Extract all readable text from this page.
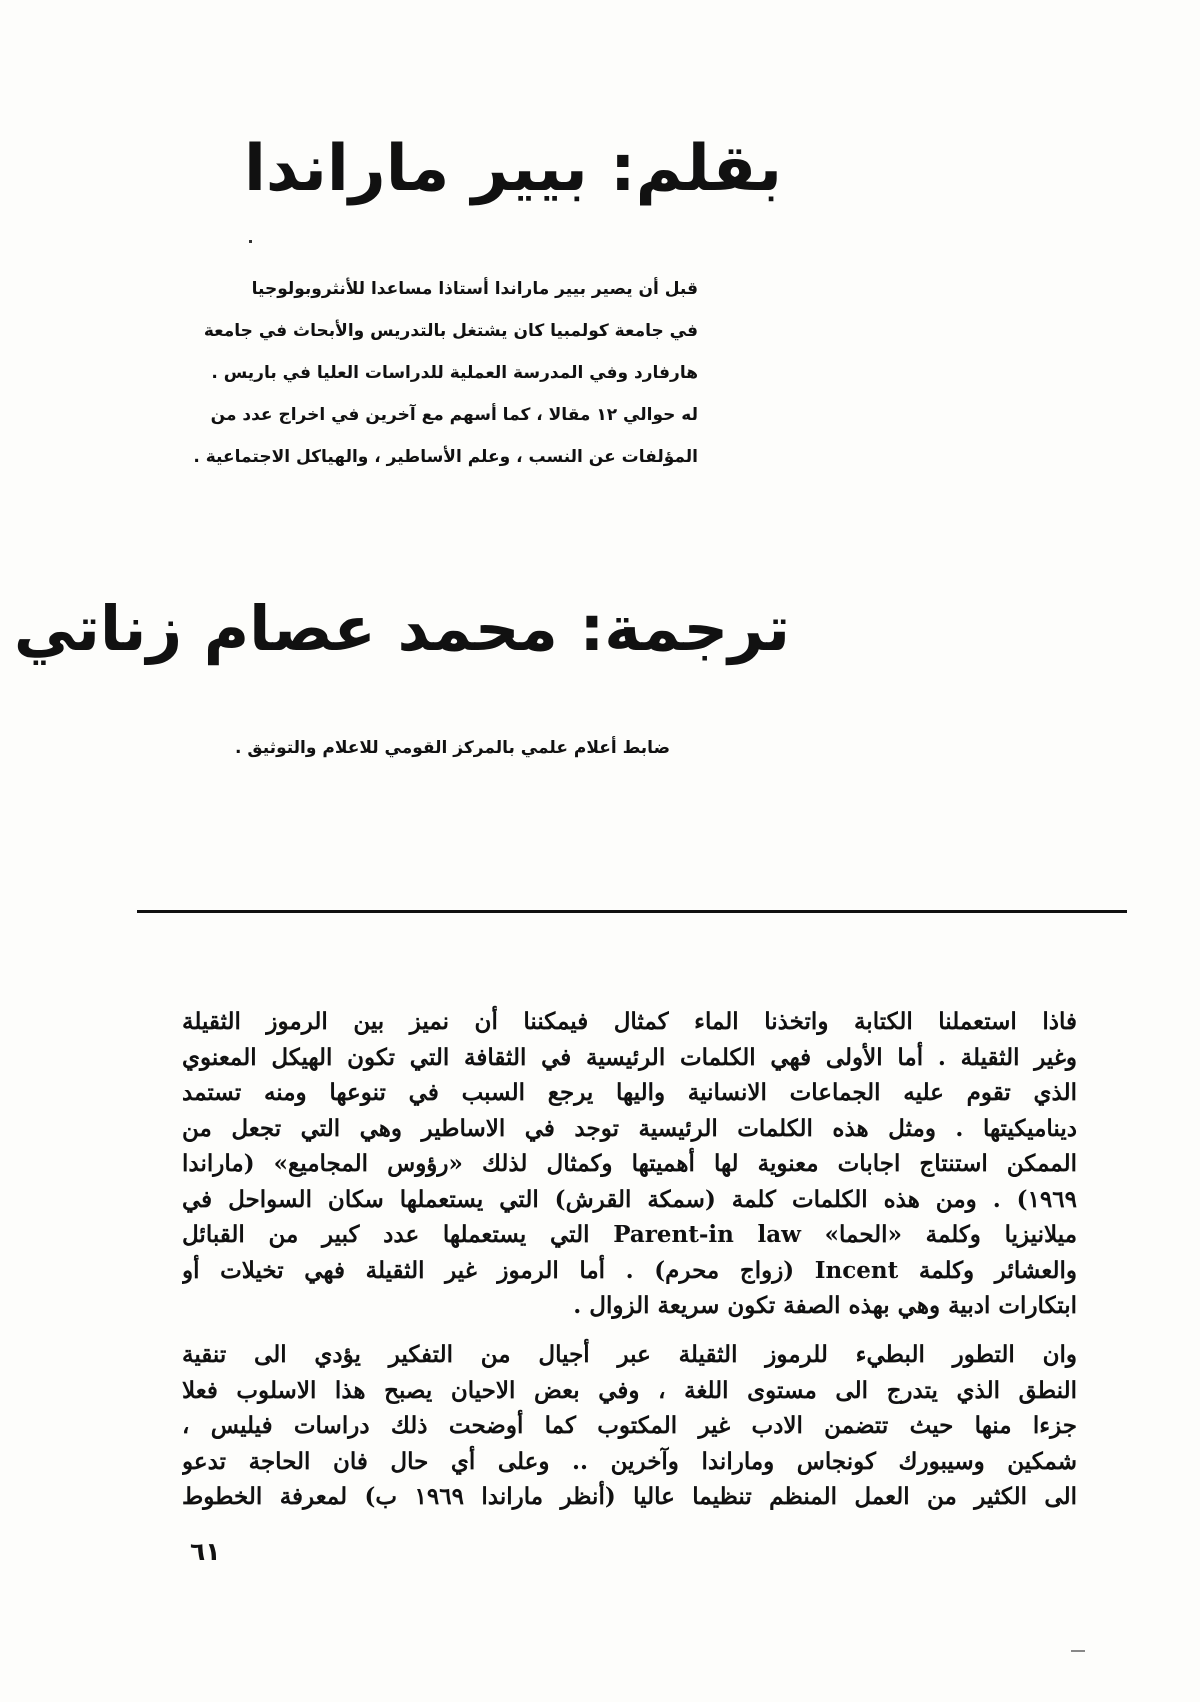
بقلم: بيير ماراندا
قبل أن يصير بيير ماراندا أستاذا مساعدا للأنثروبولوجيا
في جامعة كولمبيا كان يشتغل بالتدريس والأبحاث في جامعة
هارفارد وفي المدرسة العملية للدراسات العليا في باريس .
له حوالي ١٢ مقالا ، كما أسهم مع آخرين في اخراج عدد من
المؤلفات عن النسب ، وعلم الأساطير ، والهياكل الاجتماعية .
ترجمة: محمد عصام زناتي
ضابط أعلام علمي بالمركز القومي للاعلام والتوثيق .
فاذا استعملنا الكتابة واتخذنا الماء كمثال فيمكننا أن نميز بين الرموز الثقيلة
وغير الثقيلة . أما الأولى فهي الكلمات الرئيسية في الثقافة التي تكون الهيكل المعنوي
الذي تقوم عليه الجماعات الانسانية واليها يرجع السبب في تنوعها ومنه تستمد
ديناميكيتها . ومثل هذه الكلمات الرئيسية توجد في الاساطير وهي التي تجعل من
الممكن استنتاج اجابات معنوية لها أهميتها وكمثال لذلك «رؤوس المجاميع» (ماراندا
١٩٦٩) . ومن هذه الكلمات كلمة (سمكة القرش) التي يستعملها سكان السواحل في
ميلانيزيا وكلمة «الحما» Parent-in law التي يستعملها عدد كبير من القبائل
والعشائر وكلمة Incent (زواج محرم) . أما الرموز غير الثقيلة فهي تخيلات أو
ابتكارات ادبية وهي بهذه الصفة تكون سريعة الزوال .
وان التطور البطيء للرموز الثقيلة عبر أجيال من التفكير يؤدي الى تنقية
النطق الذي يتدرج الى مستوى اللغة ، وفي بعض الاحيان يصبح هذا الاسلوب فعلا
جزءا منها حيث تتضمن الادب غير المكتوب كما أوضحت ذلك دراسات فيليس ،
شمكين وسيبورك كونجاس وماراندا وآخرين .. وعلى أي حال فان الحاجة تدعو
الى الكثير من العمل المنظم تنظيما عاليا (أنظر ماراندا ١٩٦٩ ب) لمعرفة الخطوط
٦١
